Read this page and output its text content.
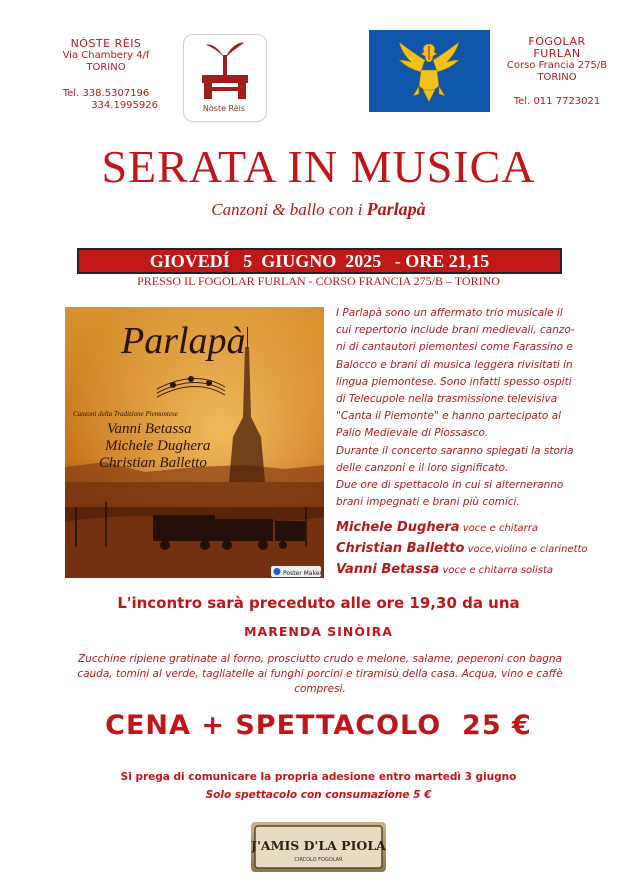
NÒSTE RÈIS
Via Chambery 4/f
TORINO
Tel. 338.5307196
334.1995926	Nòste Rèis
FOGOLAR
FURLAN
Corso Francia 275/B
TORINO
Tel. 011 7723021
SERATA IN MUSICA
Canzoni & ballo con i Parlapà
GIOVEDÍ   5  GIUGNO  2025   - ORE 21,15
PRESSO IL FOGOLAR FURLAN - CORSO FRANCIA 275/B – TORINO
Parlapà
Canzoni della Tradizione Piemontese
Vanni Betassa
Michele Dughera
Christian Balletto
Poster Maker

I Parlapà sono un affermato trio musicale il

cui repertorio include brani medievali, canzo-

ni di cantautori piemontesi come Farassino e

Balocco e brani di musica leggera rivisitati in

lingua piemontese. Sono infatti spesso ospiti

di Telecupole nella trasmissione televisiva

"Canta il Piemonte" e hanno partecipato al

Palio Medievale di Piossasco.

Durante il concerto saranno spiegati la storia

delle canzoni e il loro significato.

Due ore di spettacolo in cui si alterneranno

brani impegnati e brani più comici.

Michele Dughera voce e chitarra
Christian Balletto voce,violino e clarinetto
Vanni Betassa voce e chitarra solista
L'incontro sarà preceduto alle ore 19,30 da una
MARENDA SINÒIRA
Zucchine ripiene gratinate al forno, prosciutto crudo e melone, salame, peperoni con bagna cauda, tomini al verde, tagliatelle ai funghi porcini e tiramisù della casa. Acqua, vino e caffè compresi.
CENA + SPETTACOLO  25 €
Si prega di comunicare la propria adesione entro martedì 3 giugno
Solo spettacolo con consumazione 5 €
J'AMIS D'LA PIOLA
CIRCOLO FOGOLAR
